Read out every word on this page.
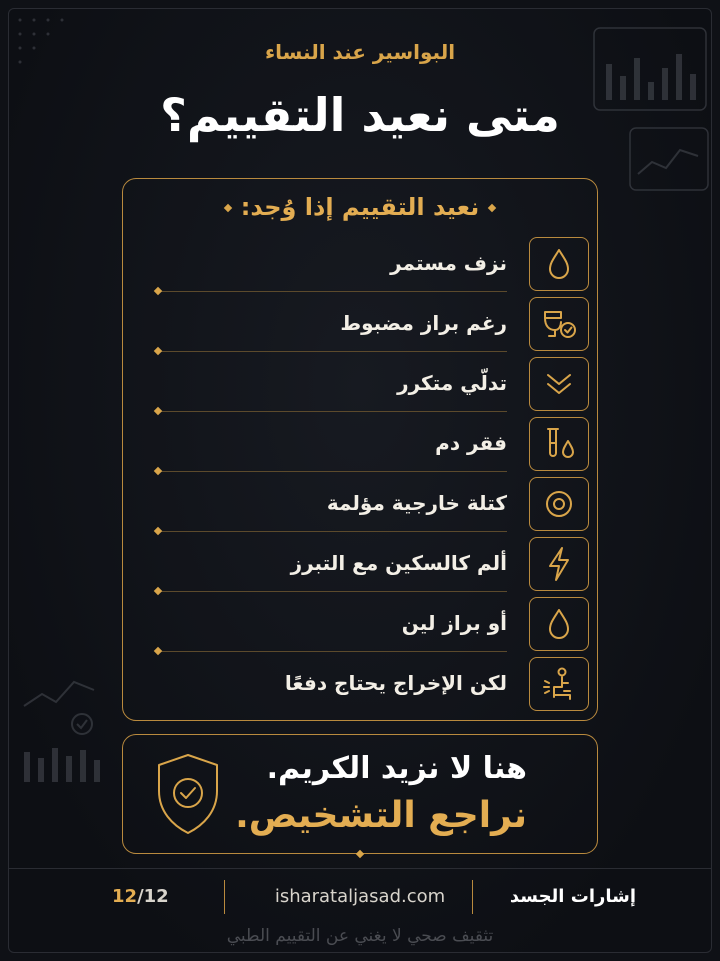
البواسير عند النساء
متى نعيد التقييم؟
نعيد التقييم إذا وُجد:
نزف مستمر
رغم براز مضبوط
تدلّي متكرر
فقر دم
كتلة خارجية مؤلمة
ألم كالسكين مع التبرز
أو براز لين
لكن الإخراج يحتاج دفعًا
هنا لا نزيد الكريم.
نراجع التشخيص.
إشارات الجسد
isharataljasad.com
12/12
تثقيف صحي لا يغني عن التقييم الطبي
